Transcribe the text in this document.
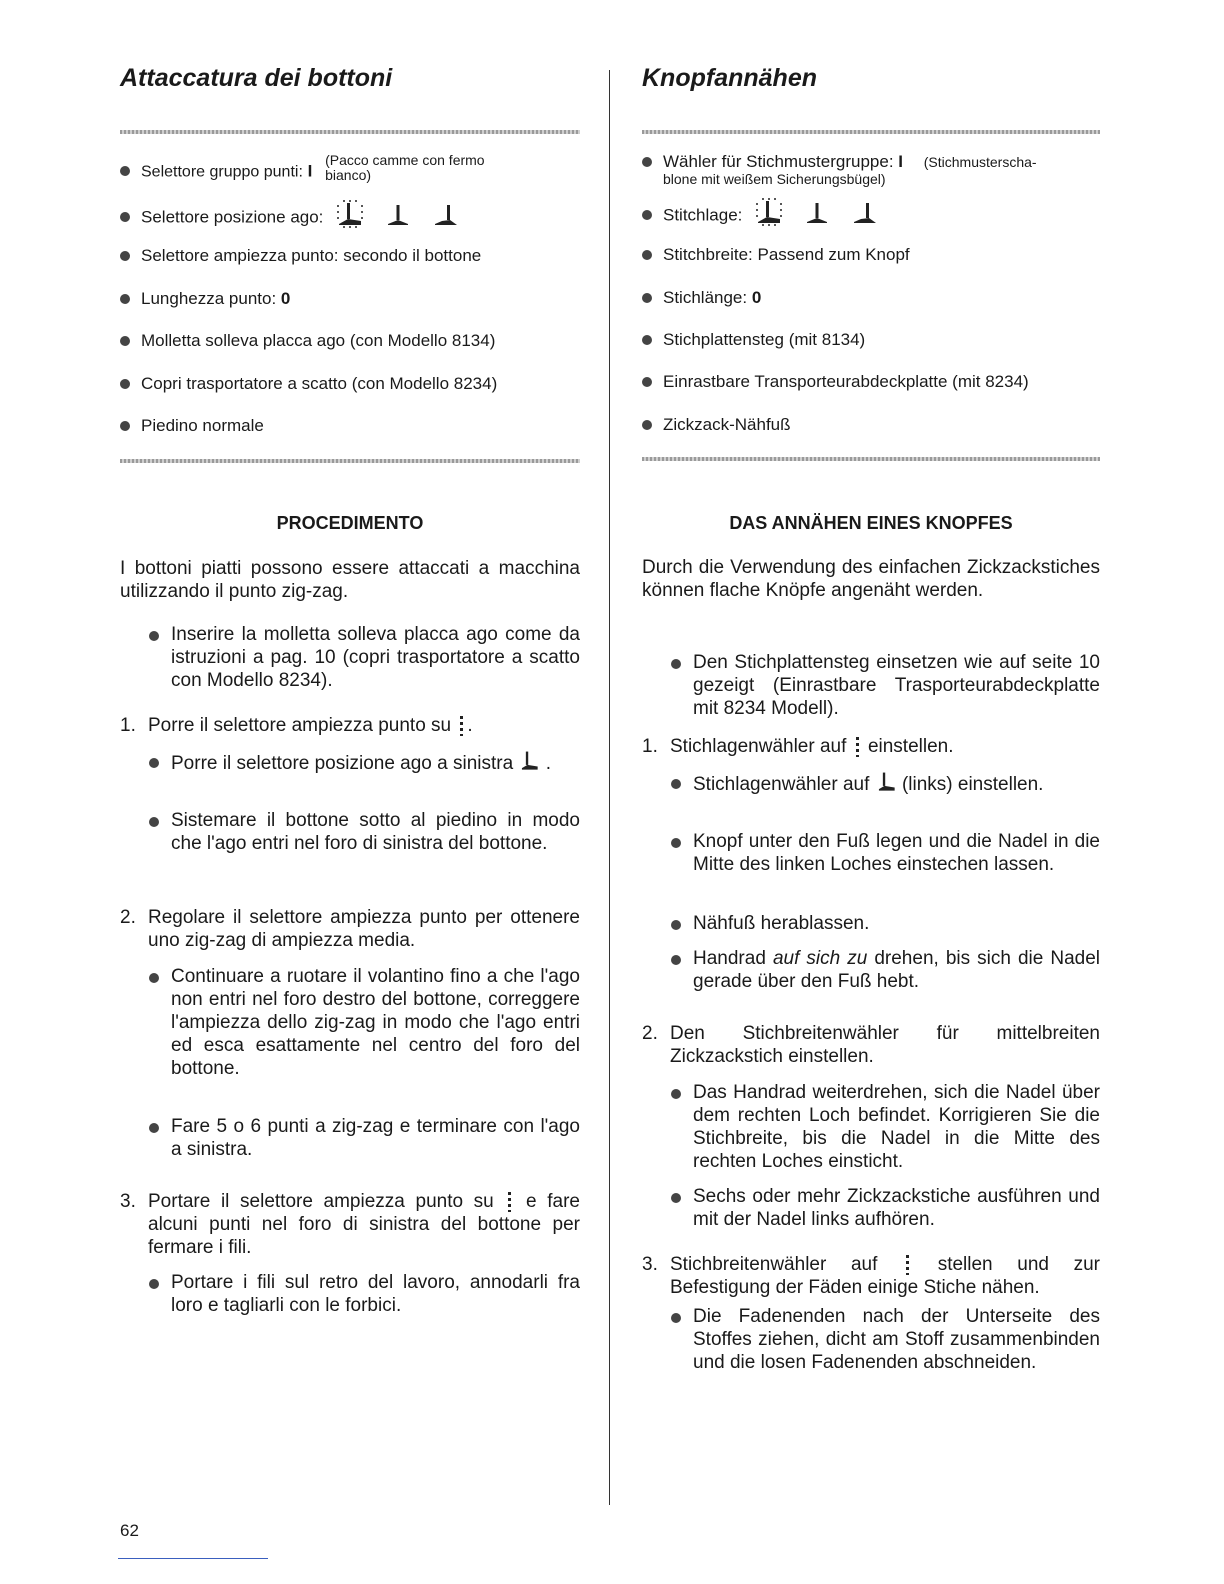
Attaccatura dei bottoni
Selettore gruppo punti: I (Pacco camme con fermo
bianco)
Selettore posizione ago:
Selettore ampiezza punto: secondo il bottone
Lunghezza punto: 0
Molletta solleva placca ago (con Modello 8134)
Copri trasportatore a scatto (con Modello 8234)
Piedino normale
PROCEDIMENTO

I bottoni piatti possono essere attaccati a macchina utilizzando il punto zig-zag.

Inserire la molletta solleva placca ago come da istruzioni a pag. 10 (copri trasportatore a scatto con Modello 8234).

1. Porre il selettore ampiezza punto su .

Porre il selettore posizione ago a sinistra .

Sistemare il bottone sotto al piedino in modo che l'ago entri nel foro di sinistra del bottone.

2. Regolare il selettore ampiezza punto per ottenere uno zig-zag di ampiezza media.

Continuare a ruotare il volantino fino a che l'ago non entri nel foro destro del bottone, correggere l'ampiezza dello zig-zag in modo che l'ago entri ed esca esattamente nel centro del foro del bottone.

Fare 5 o 6 punti a zig-zag e terminare con l'ago a sinistra.

3. Portare il selettore ampiezza punto su e fare alcuni punti nel foro di sinistra del bottone per fermare i fili.

Portare i fili sul retro del lavoro, annodarli fra loro e tagliarli con le forbici.

Knopfannähen
Wähler für Stichmustergruppe: I (Stichmusterscha-
blone mit weißem Sicherungsbügel)
Stitchlage:
Stitchbreite: Passend zum Knopf
Stichlänge: 0
Stichplattensteg (mit 8134)
Einrastbare Transporteurabdeckplatte (mit 8234)
Zickzack-Nähfuß
DAS ANNÄHEN EINES KNOPFES

Durch die Verwendung des einfachen Zickzackstiches können flache Knöpfe angenäht werden.

Den Stichplattensteg einsetzen wie auf seite 10 gezeigt (Einrastbare Trasporteurabdeckplatte mit 8234 Modell).

1. Stichlagenwähler auf einstellen.

Stichlagenwähler auf (links) einstellen.

Knopf unter den Fuß legen und die Nadel in die Mitte des linken Loches einstechen lassen.

Nähfuß herablassen.

Handrad auf sich zu drehen, bis sich die Nadel gerade über den Fuß hebt.

2. Den Stichbreitenwähler für mittelbreiten Zickzackstich einstellen.

Das Handrad weiterdrehen, sich die Nadel über dem rechten Loch befindet. Korrigieren Sie die Stichbreite, bis die Nadel in die Mitte des rechten Loches einsticht.

Sechs oder mehr Zickzackstiche ausführen und mit der Nadel links aufhören.

3. Stichbreitenwähler auf	stellen und zur Befestigung der Fäden einige Stiche nähen.

Die Fadenenden nach der Unterseite des Stoffes ziehen, dicht am Stoff zusammenbinden und die losen Fadenenden abschneiden.

62
